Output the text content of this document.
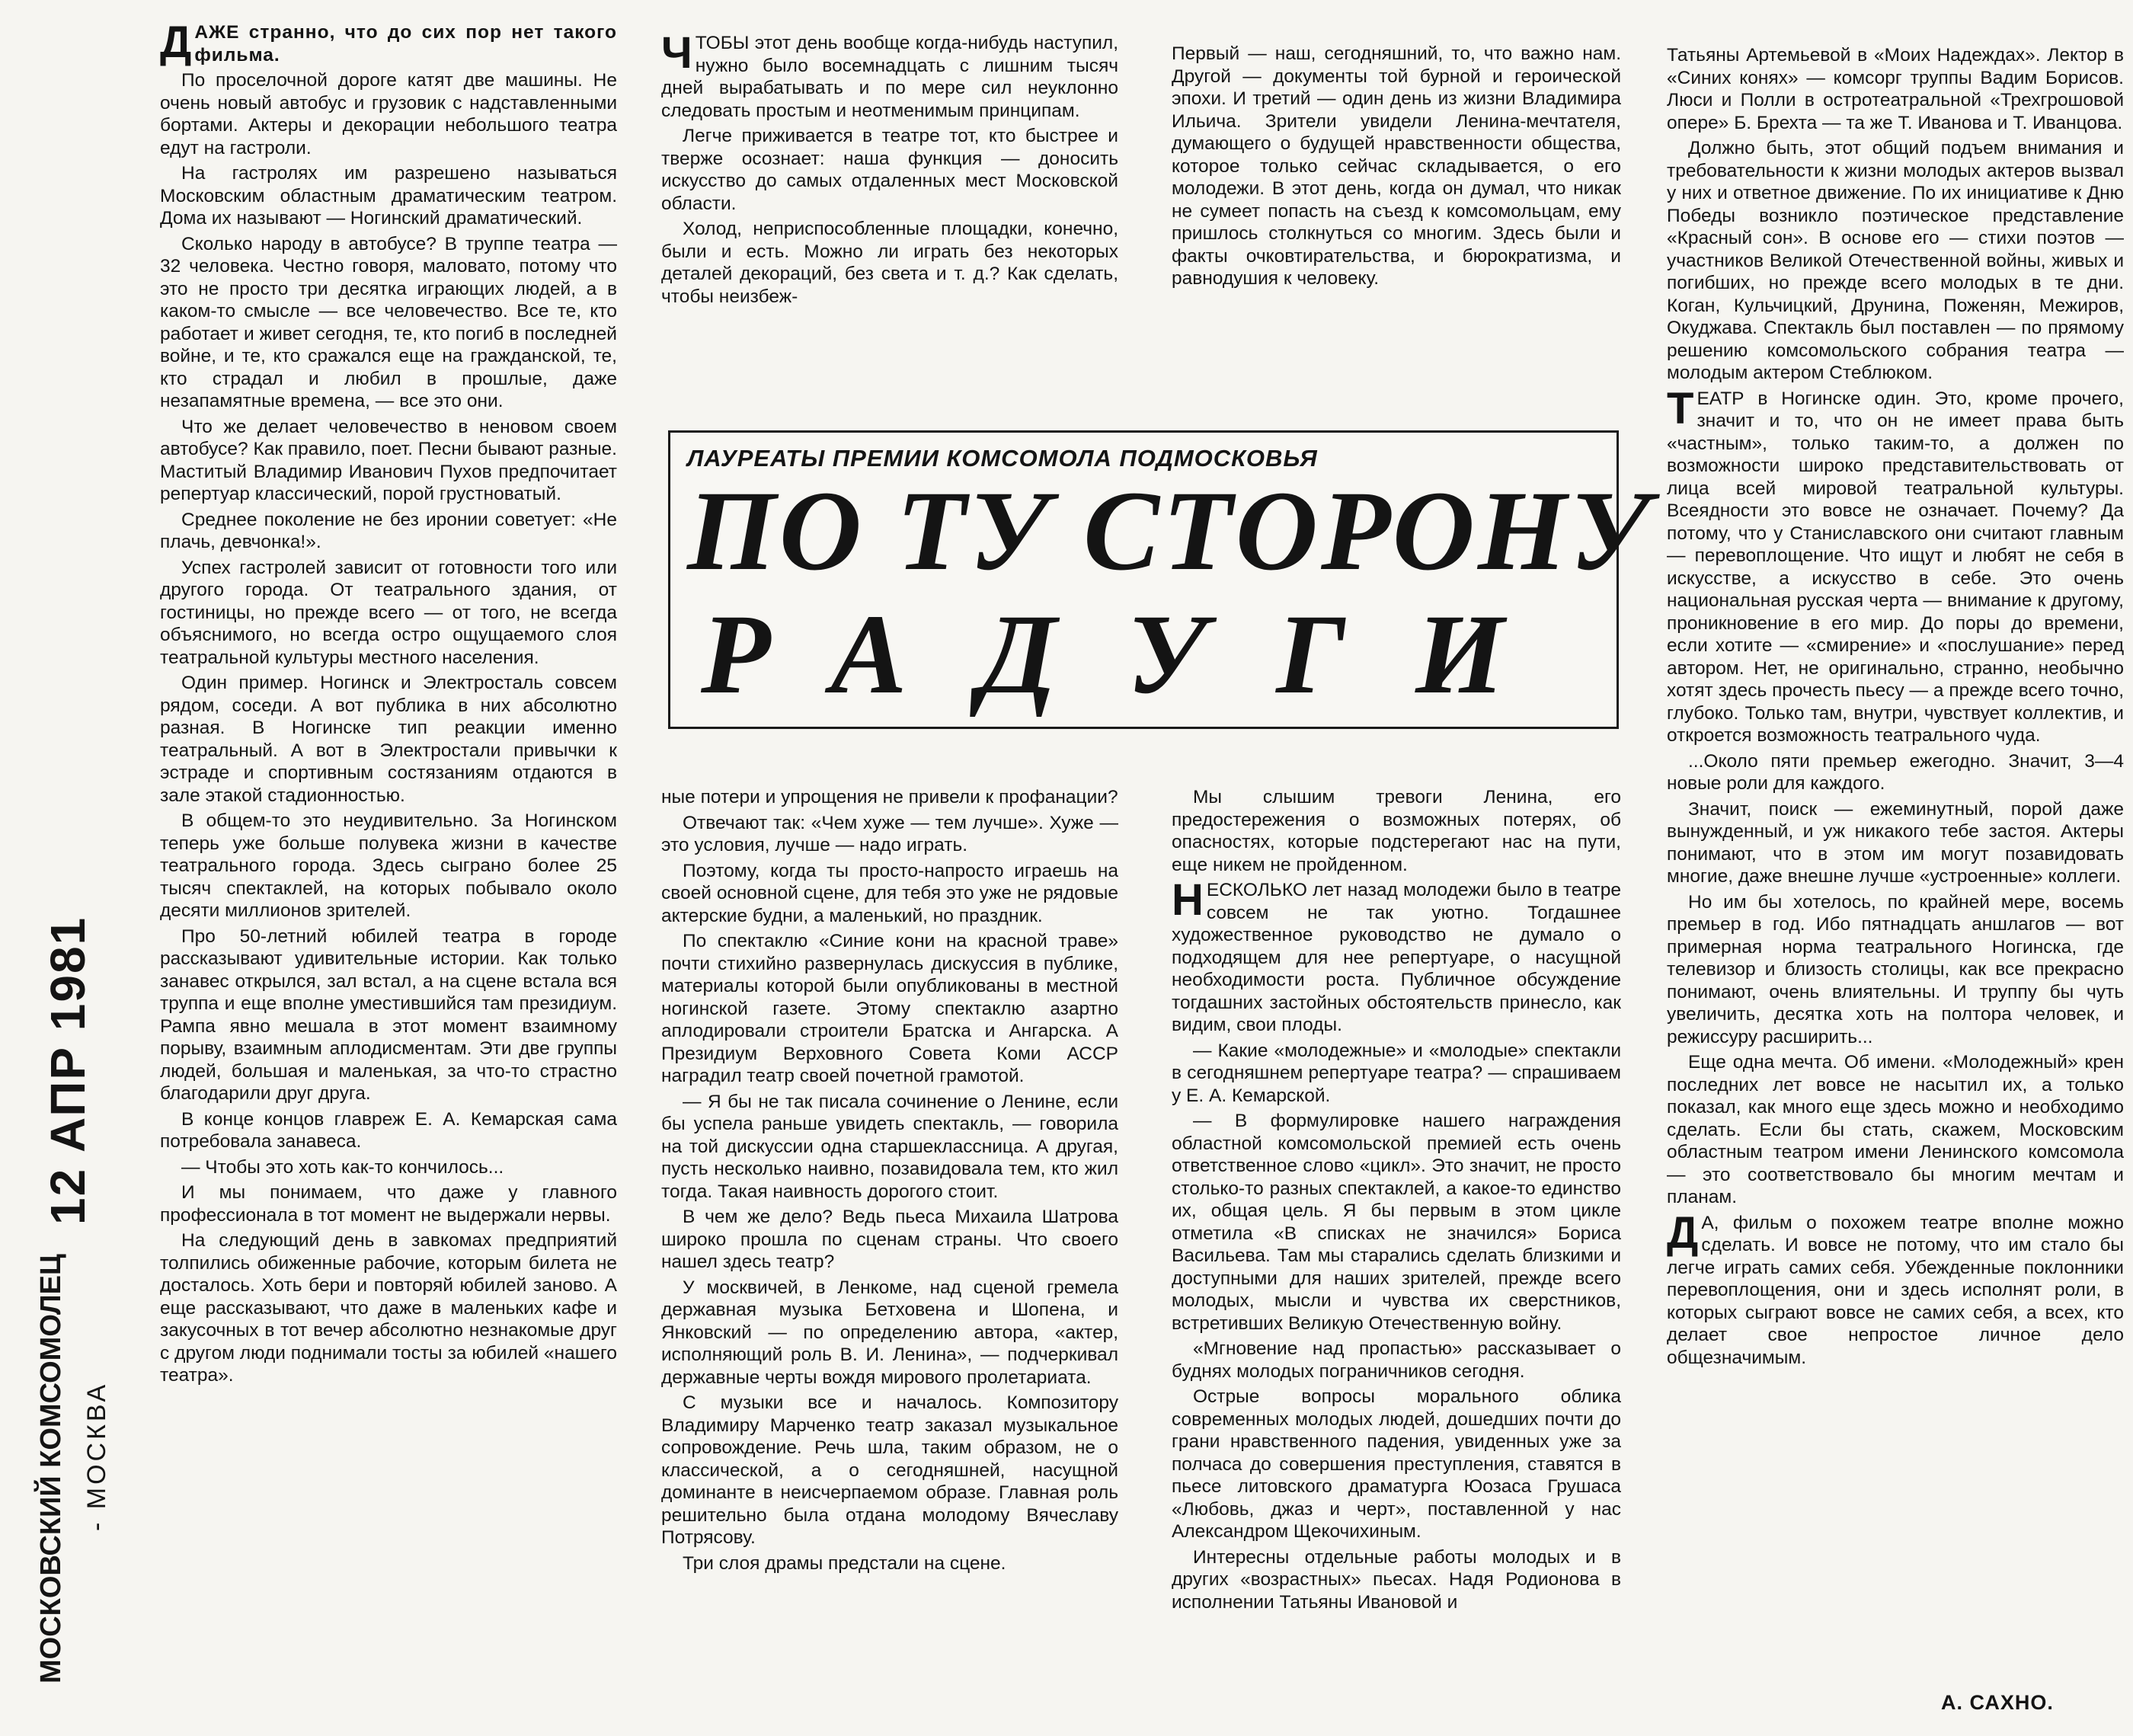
12 АПР 1981
МОСКОВСКИЙ КОМСОМОЛЕЦ - МОСКВА

ДАЖЕ странно, что до сих пор нет такого фильма.

По проселочной дороге катят две машины. Не очень новый автобус и грузовик с надставленными бортами. Актеры и декорации небольшого театра едут на гастроли.

На гастролях им разрешено называться Московским областным драматическим театром. Дома их называют — Ногинский драматический.

Сколько народу в автобусе? В труппе театра — 32 человека. Честно говоря, маловато, потому что это не просто три десятка играющих людей, а в каком-то смысле — все человечество. Все те, кто работает и живет сегодня, те, кто погиб в последней войне, и те, кто сражался еще на гражданской, те, кто страдал и любил в прошлые, даже незапамятные времена, — все это они.

Что же делает человечество в неновом своем автобусе? Как правило, поет. Песни бывают разные. Маститый Владимир Иванович Пухов предпочитает репертуар классический, порой грустноватый.

Среднее поколение не без иронии советует: «Не плачь, девчонка!».

Успех гастролей зависит от готовности того или другого города. От театрального здания, от гостиницы, но прежде всего — от того, не всегда объяснимого, но всегда остро ощущаемого слоя театральной культуры местного населения.

Один пример. Ногинск и Электросталь совсем рядом, соседи. А вот публика в них абсолютно разная. В Ногинске тип реакции именно театральный. А вот в Электростали привычки к эстраде и спортивным состязаниям отдаются в зале этакой стадионностью.

В общем-то это неудивительно. За Ногинском теперь уже больше полувека жизни в качестве театрального города. Здесь сыграно более 25 тысяч спектаклей, на которых побывало около десяти миллионов зрителей.

Про 50-летний юбилей театра в городе рассказывают удивительные истории. Как только занавес открылся, зал встал, а на сцене встала вся труппа и еще вполне уместившийся там президиум. Рампа явно мешала в этот момент взаимному порыву, взаимным аплодисментам. Эти две группы людей, большая и маленькая, за что-то страстно благодарили друг друга.

В конце концов главреж Е. А. Кемарская сама потребовала занавеса.

— Чтобы это хоть как-то кончилось...

И мы понимаем, что даже у главного профессионала в тот момент не выдержали нервы.

На следующий день в завкомах предприятий толпились обиженные рабочие, которым билета не досталось. Хоть бери и повторяй юбилей заново. А еще рассказывают, что даже в маленьких кафе и закусочных в тот вечер абсолютно незнакомые друг с другом люди поднимали тосты за юбилей «нашего театра».

ЧТОБЫ этот день вообще когда-нибудь наступил, нужно было восемнадцать с лишним тысяч дней вырабатывать и по мере сил неуклонно следовать простым и неотменимым принципам.

Легче приживается в театре тот, кто быстрее и тверже осознает: наша функция — доносить искусство до самых отдаленных мест Московской области.

Холод, неприспособленные площадки, конечно, были и есть. Можно ли играть без некоторых деталей декораций, без света и т. д.? Как сделать, чтобы неизбеж-

Первый — наш, сегодняшний, то, что важно нам. Другой — документы той бурной и героической эпохи. И третий — один день из жизни Владимира Ильича. Зрители увидели Ленина-мечтателя, думающего о будущей нравственности общества, которое только сейчас складывается, о его молодежи. В этот день, когда он думал, что никак не сумеет попасть на съезд к комсомольцам, ему пришлось столкнуться со многим. Здесь были и факты очковтирательства, и бюрократизма, и равнодушия к человеку.

ЛАУРЕАТЫ ПРЕМИИ КОМСОМОЛА ПОДМОСКОВЬЯ
ПО ТУ СТОРОНУ
РАДУГИ

ные потери и упрощения не привели к профанации?

Отвечают так: «Чем хуже — тем лучше». Хуже — это условия, лучше — надо играть.

Поэтому, когда ты просто-напросто играешь на своей основной сцене, для тебя это уже не рядовые актерские будни, а маленький, но праздник.

По спектаклю «Синие кони на красной траве» почти стихийно развернулась дискуссия в публике, материалы которой были опубликованы в местной ногинской газете. Этому спектаклю азартно аплодировали строители Братска и Ангарска. А Президиум Верховного Совета Коми АССР наградил театр своей почетной грамотой.

— Я бы не так писала сочинение о Ленине, если бы успела раньше увидеть спектакль, — говорила на той дискуссии одна старшеклассница. А другая, пусть несколько наивно, позавидовала тем, кто жил тогда. Такая наивность дорогого стоит.

В чем же дело? Ведь пьеса Михаила Шатрова широко прошла по сценам страны. Что своего нашел здесь театр?

У москвичей, в Ленкоме, над сценой гремела державная музыка Бетховена и Шопена, и Янковский — по определению автора, «актер, исполняющий роль В. И. Ленина», — подчеркивал державные черты вождя мирового пролетариата.

С музыки все и началось. Композитору Владимиру Марченко театр заказал музыкальное сопровождение. Речь шла, таким образом, не о классической, а о сегодняшней, насущной доминанте в неисчерпаемом образе. Главная роль решительно была отдана молодому Вячеславу Потрясову.

Три слоя драмы предстали на сцене.

Мы слышим тревоги Ленина, его предостережения о возможных потерях, об опасностях, которые подстерегают нас на пути, еще никем не пройденном.

НЕСКОЛЬКО лет назад молодежи было в театре совсем не так уютно. Тогдашнее художественное руководство не думало о подходящем для нее репертуаре, о насущной необходимости роста. Публичное обсуждение тогдашних застойных обстоятельств принесло, как видим, свои плоды.

— Какие «молодежные» и «молодые» спектакли в сегодняшнем репертуаре театра? — спрашиваем у Е. А. Кемарской.

— В формулировке нашего награждения областной комсомольской премией есть очень ответственное слово «цикл». Это значит, не просто столько-то разных спектаклей, а какое-то единство их, общая цель. Я бы первым в этом цикле отметила «В списках не значился» Бориса Васильева. Там мы старались сделать близкими и доступными для наших зрителей, прежде всего молодых, мысли и чувства их сверстников, встретивших Великую Отечественную войну.

«Мгновение над пропастью» рассказывает о буднях молодых пограничников сегодня.

Острые вопросы морального облика современных молодых людей, дошедших почти до грани нравственного падения, увиденных уже за полчаса до совершения преступления, ставятся в пьесе литовского драматурга Юозаса Грушаса «Любовь, джаз и черт», поставленной у нас Александром Щекочихиным.

Интересны отдельные работы молодых и в других «возрастных» пьесах. Надя Родионова в исполнении Татьяны Ивановой и

Татьяны Артемьевой в «Моих Надеждах». Лектор в «Синих конях» — комсорг труппы Вадим Борисов. Люси и Полли в остротеатральной «Трехгрошовой опере» Б. Брехта — та же Т. Иванова и Т. Иванцова.

Должно быть, этот общий подъем внимания и требовательности к жизни молодых актеров вызвал у них и ответное движение. По их инициативе к Дню Победы возникло поэтическое представление «Красный сон». В основе его — стихи поэтов — участников Великой Отечественной войны, живых и погибших, но прежде всего молодых в те дни. Коган, Кульчицкий, Друнина, Поженян, Межиров, Окуджава. Спектакль был поставлен — по прямому решению комсомольского собрания театра — молодым актером Стеблюком.

ТЕАТР в Ногинске один. Это, кроме прочего, значит и то, что он не имеет права быть «частным», только таким-то, а должен по возможности широко представительствовать от лица всей мировой театральной культуры. Всеядности это вовсе не означает. Почему? Да потому, что у Станиславского они считают главным — перевоплощение. Что ищут и любят не себя в искусстве, а искусство в себе. Это очень национальная русская черта — внимание к другому, проникновение в его мир. До поры до времени, если хотите — «смирение» и «послушание» перед автором. Нет, не оригинально, странно, необычно хотят здесь прочесть пьесу — а прежде всего точно, глубоко. Только там, внутри, чувствует коллектив, и откроется возможность театрального чуда.

...Около пяти премьер ежегодно. Значит, 3—4 новые роли для каждого.

Значит, поиск — ежеминутный, порой даже вынужденный, и уж никакого тебе застоя. Актеры понимают, что в этом им могут позавидовать многие, даже внешне лучше «устроенные» коллеги.

Но им бы хотелось, по крайней мере, восемь премьер в год. Ибо пятнадцать аншлагов — вот примерная норма театрального Ногинска, где телевизор и близость столицы, как все прекрасно понимают, очень влиятельны. И труппу бы чуть увеличить, десятка хоть на полтора человек, и режиссуру расширить...

Еще одна мечта. Об имени. «Молодежный» крен последних лет вовсе не насытил их, а только показал, как много еще здесь можно и необходимо сделать. Если бы стать, скажем, Московским областным театром имени Ленинского комсомола — это соответствовало бы многим мечтам и планам.

Д А, фильм о похожем театре вполне можно сделать. И вовсе не потому, что им стало бы легче играть самих себя. Убежденные поклонники перевоплощения, они и здесь исполнят роли, в которых сыграют вовсе не самих себя, а всех, кто делает свое непростое личное дело общезначимым.

А. САХНО.
